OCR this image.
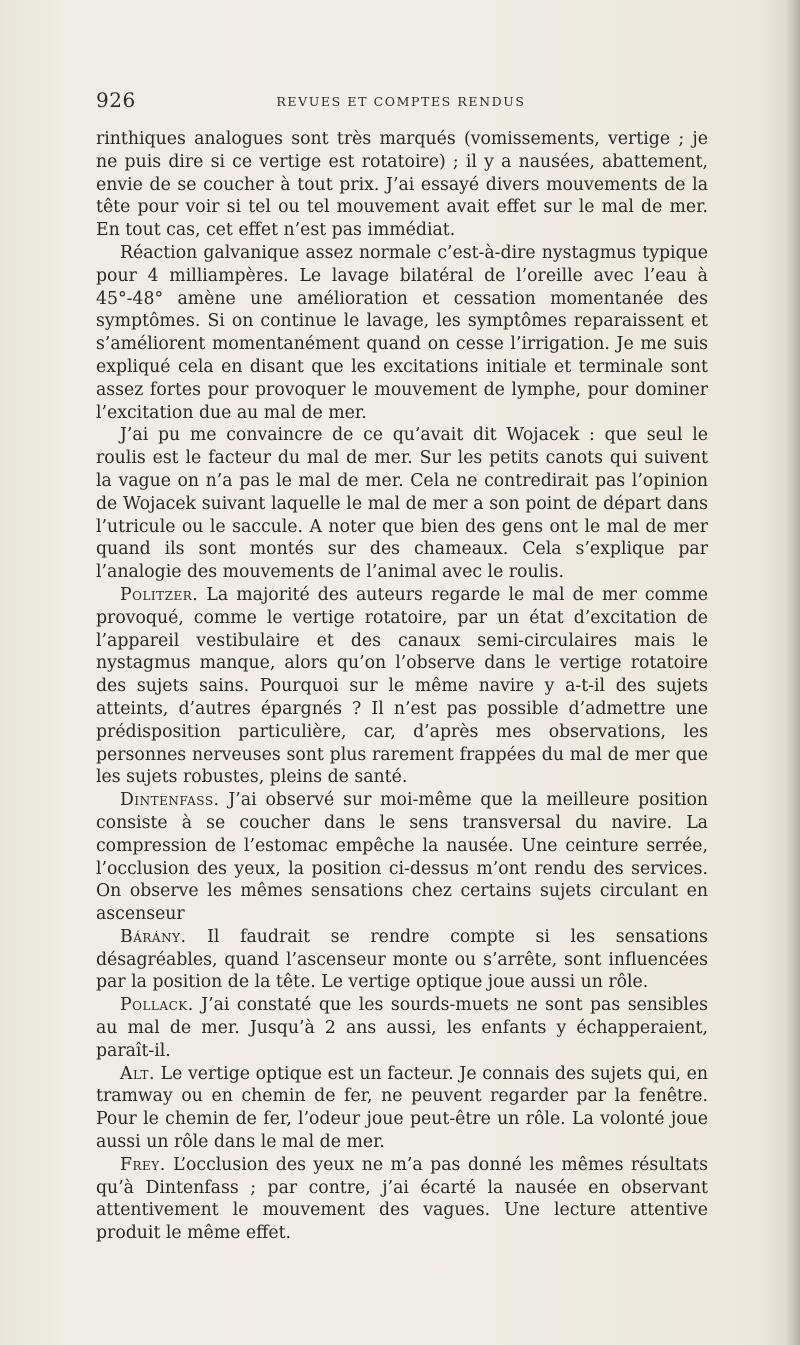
926	REVUES ET COMPTES RENDUS

rinthiques analogues sont très marqués (vomissements, vertige ; je ne puis dire si ce vertige est rotatoire) ; il y a nausées, abattement, envie de se coucher à tout prix. J’ai essayé divers mouvements de la tête pour voir si tel ou tel mouvement avait effet sur le mal de mer. En tout cas, cet effet n’est pas immédiat.

Réaction galvanique assez normale c’est-à-dire nystagmus typique pour 4 milliampères. Le lavage bilatéral de l’oreille avec l’eau à 45°-48° amène une amélioration et cessation momentanée des symptômes. Si on continue le lavage, les symptômes reparaissent et s’améliorent momentanément quand on cesse l’irrigation. Je me suis expliqué cela en disant que les excitations initiale et terminale sont assez fortes pour provoquer le mouvement de lymphe, pour dominer l’excitation due au mal de mer.

J’ai pu me convaincre de ce qu’avait dit Wojacek : que seul le roulis est le facteur du mal de mer. Sur les petits canots qui suivent la vague on n’a pas le mal de mer. Cela ne contredirait pas l’opinion de Wojacek suivant laquelle le mal de mer a son point de départ dans l’utricule ou le saccule. A noter que bien des gens ont le mal de mer quand ils sont montés sur des chameaux. Cela s’explique par l’analogie des mouvements de l’animal avec le roulis.

Politzer. La majorité des auteurs regarde le mal de mer comme provoqué, comme le vertige rotatoire, par un état d’excitation de l’appareil vestibulaire et des canaux semi-circulaires mais le nystagmus manque, alors qu’on l’observe dans le vertige rotatoire des sujets sains. Pourquoi sur le même navire y a-t-il des sujets atteints, d’autres épargnés ? Il n’est pas possible d’admettre une prédisposition particulière, car, d’après mes observations, les personnes nerveuses sont plus rarement frappées du mal de mer que les sujets robustes, pleins de santé.

Dintenfass. J’ai observé sur moi-même que la meilleure position consiste à se coucher dans le sens transversal du navire. La compression de l’estomac empêche la nausée. Une ceinture serrée, l’occlusion des yeux, la position ci-dessus m’ont rendu des services. On observe les mêmes sensations chez certains sujets circulant en ascenseur

Bárány. Il faudrait se rendre compte si les sensations désagréables, quand l’ascenseur monte ou s’arrête, sont influencées par la position de la tête. Le vertige optique joue aussi un rôle.

Pollack. J’ai constaté que les sourds-muets ne sont pas sensibles au mal de mer. Jusqu’à 2 ans aussi, les enfants y échapperaient, paraît-il.

Alt. Le vertige optique est un facteur. Je connais des sujets qui, en tramway ou en chemin de fer, ne peuvent regarder par la fenêtre. Pour le chemin de fer, l’odeur joue peut-être un rôle. La volonté joue aussi un rôle dans le mal de mer.

Frey. L’occlusion des yeux ne m’a pas donné les mêmes résultats qu’à Dintenfass ; par contre, j’ai écarté la nausée en observant attentivement le mouvement des vagues. Une lecture attentive produit le même effet.
